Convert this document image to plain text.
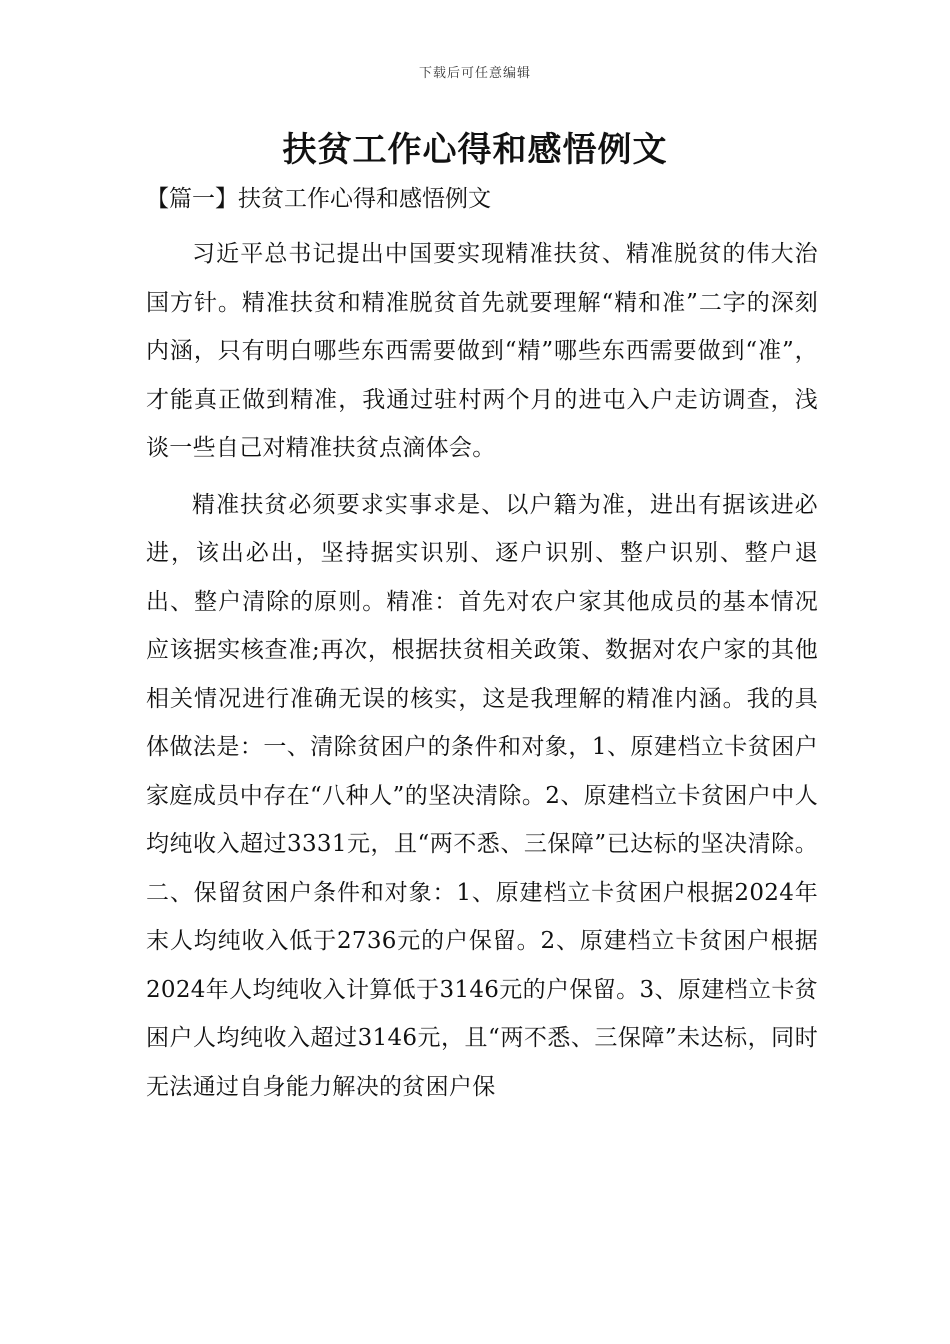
下载后可任意编辑
扶贫工作心得和感悟例文
【篇一】扶贫工作心得和感悟例文

习近平总书记提出中国要实现精准扶贫、精准脱贫的伟大治国方针。精准扶贫和精准脱贫首先就要理解“精和准”二字的深刻内涵，只有明白哪些东西需要做到“精”哪些东西需要做到“准”，才能真正做到精准，我通过驻村两个月的进屯入户走访调查，浅谈一些自己对精准扶贫点滴体会。

精准扶贫必须要求实事求是、以户籍为准，进出有据该进必进，该出必出，坚持据实识别、逐户识别、整户识别、整户退出、整户清除的原则。精准：首先对农户家其他成员的基本情况应该据实核查准;再次，根据扶贫相关政策、数据对农户家的其他相关情况进行准确无误的核实，这是我理解的精准内涵。我的具体做法是：一、清除贫困户的条件和对象，1、原建档立卡贫困户家庭成员中存在“八种人”的坚决清除。2、原建档立卡贫困户中人均纯收入超过3331元，且“两不悉、三保障”已达标的坚决清除。二、保留贫困户条件和对象：1、原建档立卡贫困户根据2024年末人均纯收入低于2736元的户保留。2、原建档立卡贫困户根据2024年人均纯收入计算低于3146元的户保留。3、原建档立卡贫困户人均纯收入超过3146元，且“两不悉、三保障”未达标，同时无法通过自身能力解决的贫困户保
